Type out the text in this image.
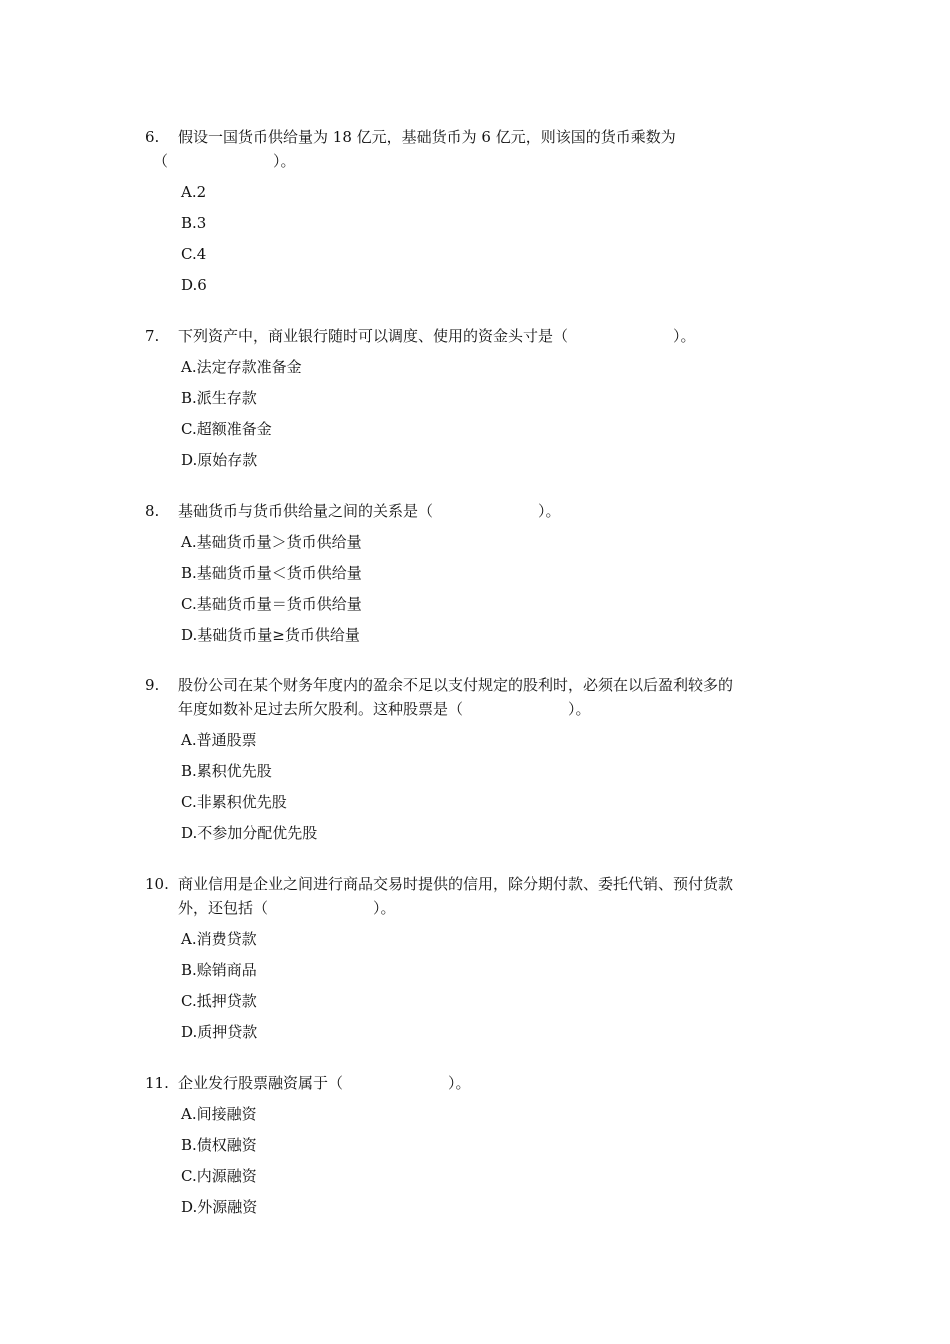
6.	假设一国货币供给量为 18 亿元，基础货币为 6 亿元，则该国的货币乘数为
（	）。
A.2
B.3
C.4
D.6
7.	下列资产中，商业银行随时可以调度、使用的资金头寸是（	）。
A.法定存款准备金
B.派生存款
C.超额准备金
D.原始存款
8.	基础货币与货币供给量之间的关系是（	）。
A.基础货币量＞货币供给量
B.基础货币量＜货币供给量
C.基础货币量＝货币供给量
D.基础货币量≥货币供给量
9.	股份公司在某个财务年度内的盈余不足以支付规定的股利时，必须在以后盈利较多的
年度如数补足过去所欠股利。这种股票是（	）。
A.普通股票
B.累积优先股
C.非累积优先股
D.不参加分配优先股
10. 商业信用是企业之间进行商品交易时提供的信用，除分期付款、委托代销、预付货款
外，还包括（	）。
A.消费贷款
B.赊销商品
C.抵押贷款
D.质押贷款
11. 企业发行股票融资属于（	）。
A.间接融资
B.债权融资
C.内源融资
D.外源融资
